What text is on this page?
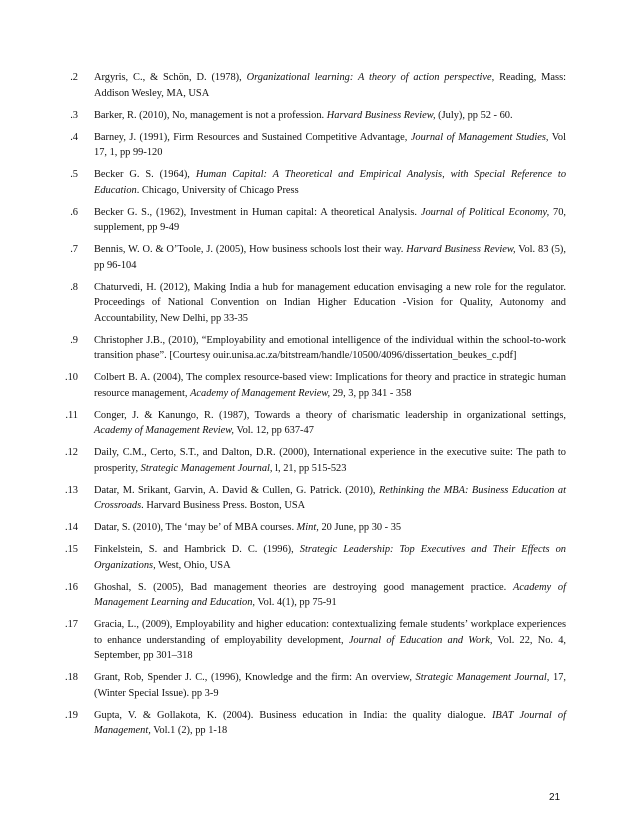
2. Argyris, C., & Schön, D. (1978), Organizational learning: A theory of action perspective, Reading, Mass: Addison Wesley, MA, USA
3. Barker, R. (2010), No, management is not a profession. Harvard Business Review, (July), pp 52 - 60.
4. Barney, J. (1991), Firm Resources and Sustained Competitive Advantage, Journal of Management Studies, Vol 17, 1, pp 99-120
5. Becker G. S. (1964), Human Capital: A Theoretical and Empirical Analysis, with Special Reference to Education. Chicago, University of Chicago Press
6. Becker G. S., (1962), Investment in Human capital: A theoretical Analysis. Journal of Political Economy, 70, supplement, pp 9-49
7. Bennis, W. O. & O’Toole, J. (2005), How business schools lost their way. Harvard Business Review, Vol. 83 (5), pp 96-104
8. Chaturvedi, H. (2012), Making India a hub for management education envisaging a new role for the regulator. Proceedings of National Convention on Indian Higher Education -Vision for Quality, Autonomy and Accountability, New Delhi, pp 33-35
9. Christopher J.B., (2010), “Employability and emotional intelligence of the individual within the school-to-work transition phase”. [Courtesy ouir.unisa.ac.za/bitstream/handle/10500/4096/dissertation_beukes_c.pdf]
10. Colbert B. A. (2004), The complex resource-based view: Implications for theory and practice in strategic human resource management, Academy of Management Review, 29, 3, pp 341 - 358
11. Conger, J. & Kanungo, R. (1987), Towards a theory of charismatic leadership in organizational settings, Academy of Management Review, Vol. 12, pp 637-47
12. Daily, C.M., Certo, S.T., and Dalton, D.R. (2000), International experience in the executive suite: The path to prosperity, Strategic Management Journal, l, 21, pp 515-523
13. Datar, M. Srikant, Garvin, A. David & Cullen, G. Patrick. (2010), Rethinking the MBA: Business Education at Crossroads. Harvard Business Press. Boston, USA
14. Datar, S. (2010), The ‘may be’ of MBA courses. Mint, 20 June, pp 30 - 35
15. Finkelstein, S. and Hambrick D. C. (1996), Strategic Leadership: Top Executives and Their Effects on Organizations, West, Ohio, USA
16. Ghoshal, S. (2005), Bad management theories are destroying good management practice. Academy of Management Learning and Education, Vol. 4(1), pp 75-91
17. Gracia, L., (2009), Employability and higher education: contextualizing female students’ workplace experiences to enhance understanding of employability development, Journal of Education and Work, Vol. 22, No. 4, September, pp 301–318
18. Grant, Rob, Spender J. C., (1996), Knowledge and the firm: An overview, Strategic Management Journal, 17, (Winter Special Issue). pp 3-9
19. Gupta, V. & Gollakota, K. (2004). Business education in India: the quality dialogue. IBAT Journal of Management, Vol.1 (2), pp 1-18
21
